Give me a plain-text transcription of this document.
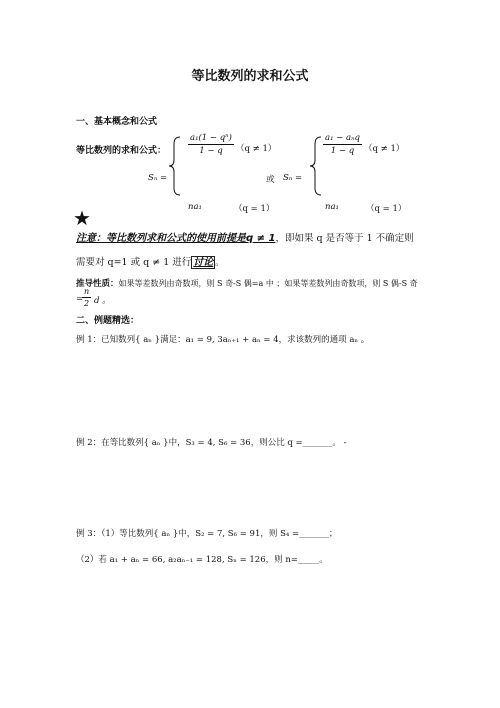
等比数列的求和公式
一、基本概念和公式
等比数列的求和公式：	$\frac{\text{a₁(1 − qⁿ)}}{1 - q} (q \ne 1)$
Sₙ =
na₁	（q = 1）
或 Sₙ =
a₁ − aₙq
1 − q	（q ≠ 1）
na₁	（q = 1）
★
注意：等比数列求和公式的使用前提是q ≠ 1，即如果 q 是否等于 1 不确定则
需要对 q=1 或 q ≠ 1 进行 讨论 。
推导性质：如果等差数列由奇数项，则 S 奇-S 偶=a 中 ；如果等差数列由奇数项，则 S 偶-S 奇
=
$\frac{n}{2}$ d 。
二、例题精选：
例 1：已知数列{ aₙ }满足：a₁ = 9, 3aₙ₊₁ + aₙ = 4，求该数列的通项 aₙ 。
例 2：在等比数列{ aₙ }中，S₃ = 4, S₆ = 36，则公比 q =_______。 -
例 3：（1）等比数列{ aₙ }中，S₂ = 7, S₆ = 91，则 S₄ =_______；
（2）若 a₁ + aₙ = 66, a₂aₙ₋₁ = 128, Sₙ = 126，则 n=_____。
